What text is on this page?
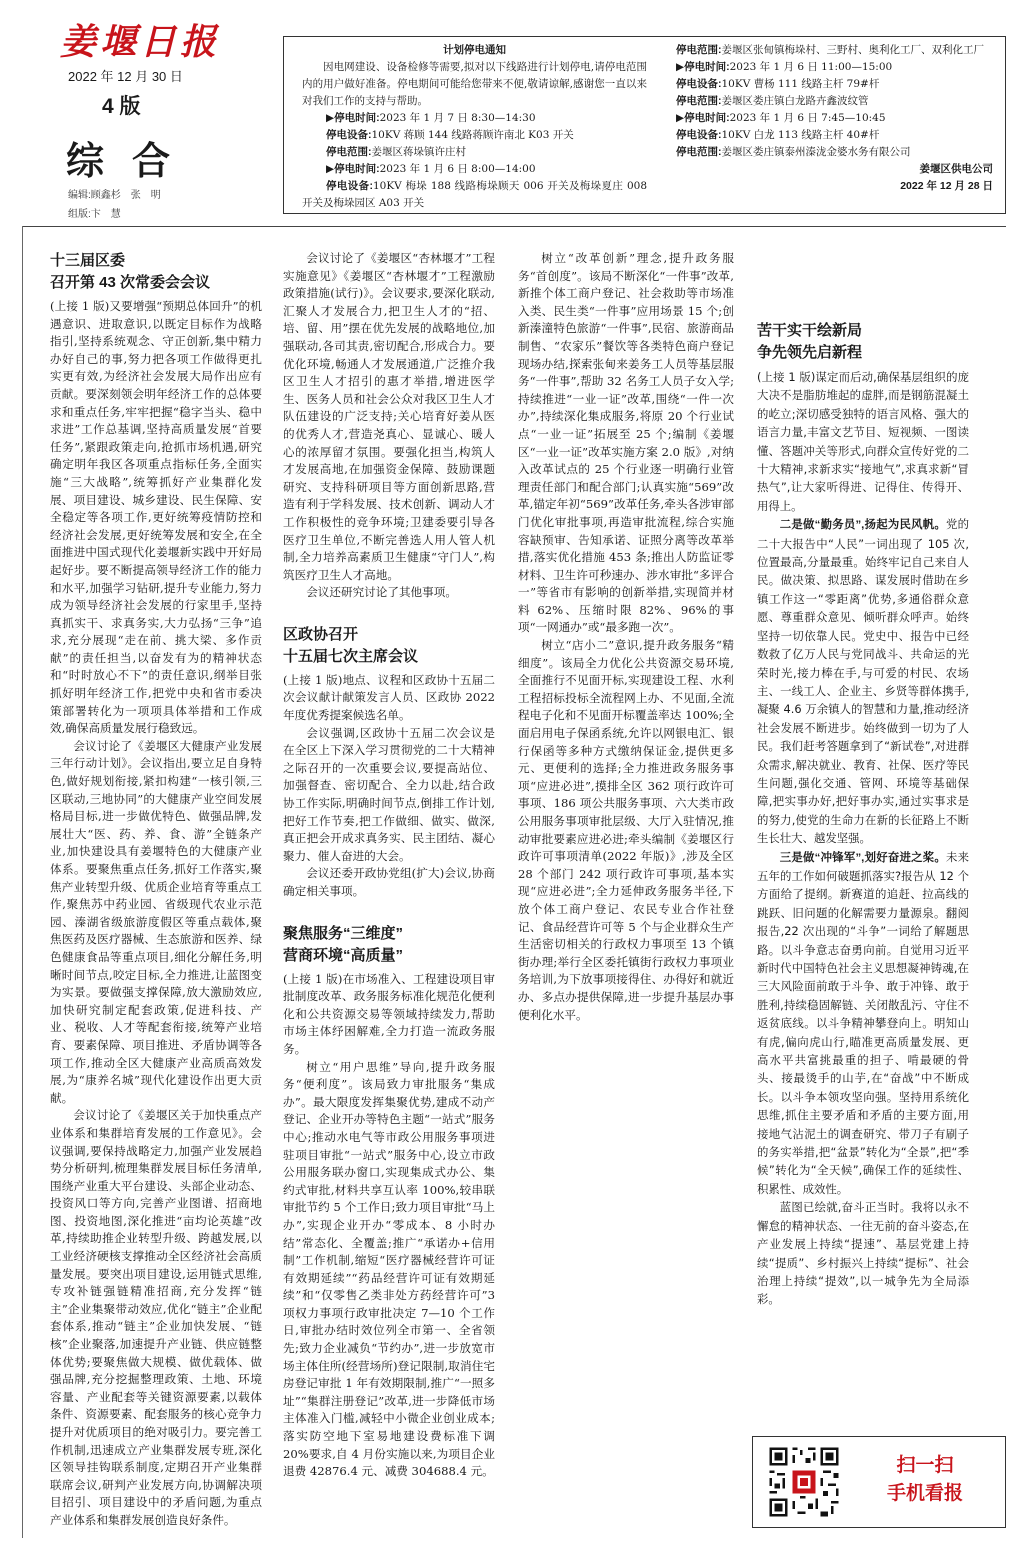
姜堰日报
2022 年 12 月 30 日
4 版
综合
编辑:顾鑫杉　张　明
组版:卞　慧
计划停电通知

因电网建设、设备检修等需要,拟对以下线路进行计划停电,请停电范围内的用户做好准备。停电期间可能给您带来不便,敬请谅解,感谢您一直以来对我们工作的支持与帮助。

▶停电时间:2023 年 1 月 7 日 8:30—14:30

停电设备:10KV 蒋顾 144 线路蒋顾许南北 K03 开关

停电范围:姜堰区蒋垛镇许庄村

▶停电时间:2023 年 1 月 6 日 8:00—14:00

停电设备:10KV 梅垛 188 线路梅垛顾天 006 开关及梅垛夏庄 008 开关及梅垛园区 A03 开关

停电范围:姜堰区张甸镇梅垛村、三野村、奥利化工厂、双利化工厂

▶停电时间:2023 年 1 月 6 日 11:00—15:00

停电设备:10KV 曹杨 111 线路主杆 79#杆

停电范围:姜堰区娄庄镇白龙路卉鑫波纹管

▶停电时间:2023 年 1 月 6 日 7:45—10:45

停电设备:10KV 白龙 113 线路主杆 40#杆

停电范围:姜堰区娄庄镇泰州溱泷金婆水务有限公司

姜堰区供电公司
2022 年 12 月 28 日
十三届区委
召开第 43 次常委会会议

(上接 1 版)又要增强“预期总体回升”的机遇意识、进取意识,以既定目标作为战略指引,坚持系统观念、守正创新,集中精力办好自己的事,努力把各项工作做得更扎实更有效,为经济社会发展大局作出应有贡献。要深刻领会明年经济工作的总体要求和重点任务,牢牢把握“稳字当头、稳中求进”工作总基调,坚持高质量发展“首要任务”,紧跟政策走向,抢抓市场机遇,研究确定明年我区各项重点指标任务,全面实施“三大战略”,统筹抓好产业集群化发展、项目建设、城乡建设、民生保障、安全稳定等各项工作,更好统筹疫情防控和经济社会发展,更好统筹发展和安全,在全面推进中国式现代化姜堰新实践中开好局起好步。要不断提高领导经济工作的能力和水平,加强学习钻研,提升专业能力,努力成为领导经济社会发展的行家里手,坚持真抓实干、求真务实,大力弘扬“三争”追求,充分展现“走在前、挑大梁、多作贡献”的责任担当,以奋发有为的精神状态和“时时放心不下”的责任意识,纲举目张抓好明年经济工作,把党中央和省市委决策部署转化为一项项具体举措和工作成效,确保高质量发展行稳致远。

会议讨论了《姜堰区大健康产业发展三年行动计划》。会议指出,要立足自身特色,做好规划衔接,紧扣构建“一核引领,三区联动,三地协同”的大健康产业空间发展格局目标,进一步做优特色、做强品牌,发展壮大“医、药、养、食、游”全链条产业,加快建设具有姜堰特色的大健康产业体系。要聚焦重点任务,抓好工作落实,聚焦产业转型升级、优质企业培育等重点工作,聚焦苏中药业园、省级现代农业示范园、溱湖省级旅游度假区等重点载体,聚焦医药及医疗器械、生态旅游和医养、绿色健康食品等重点项目,细化分解任务,明晰时间节点,咬定目标,全力推进,让蓝图变为实景。要做强支撑保障,放大激励效应,加快研究制定配套政策,促进科技、产业、税收、人才等配套衔接,统筹产业培育、要素保障、项目推进、矛盾协调等各项工作,推动全区大健康产业高质高效发展,为“康养名城”现代化建设作出更大贡献。

会议讨论了《姜堰区关于加快重点产业体系和集群培育发展的工作意见》。会议强调,要保持战略定力,加强产业发展趋势分析研判,梳理集群发展目标任务清单,围绕产业重大平台建设、头部企业动态、投资风口等方向,完善产业图谱、招商地图、投资地图,深化推进“亩均论英雄”改革,持续助推企业转型升级、跨越发展,以工业经济硬核支撑推动全区经济社会高质量发展。要突出项目建设,运用链式思维,专攻补链强链精准招商,充分发挥“链主”企业集聚带动效应,优化“链主”企业配套体系,推动“链主”企业加快发展、“链核”企业聚落,加速提升产业链、供应链整体优势;要聚焦做大规模、做优载体、做强品牌,充分挖掘整理政策、土地、环境容量、产业配套等关键资源要素,以载体条件、资源要素、配套服务的核心竞争力提升对优质项目的绝对吸引力。要完善工作机制,迅速成立产业集群发展专班,深化区领导挂钩联系制度,定期召开产业集群联席会议,研判产业发展方向,协调解决项目招引、项目建设中的矛盾问题,为重点产业体系和集群发展创造良好条件。

会议讨论了《姜堰区“杏林堰才”工程实施意见》《姜堰区“杏林堰才”工程激励政策措施(试行)》。会议要求,要深化联动,汇聚人才发展合力,把卫生人才的“招、培、留、用”摆在优先发展的战略地位,加强联动,各司其责,密切配合,形成合力。要优化环境,畅通人才发展通道,广泛推介我区卫生人才招引的惠才举措,增进医学生、医务人员和社会公众对我区卫生人才队伍建设的广泛支持;关心培育好姜从医的优秀人才,营造尧真心、显诚心、暖人心的浓厚留才氛围。要强化担当,构筑人才发展高地,在加强资金保障、鼓励课题研究、支持科研项目等方面创新思路,营造有利于学科发展、技术创新、调动人才工作积极性的竞争环境;卫建委要引导各医疗卫生单位,不断完善选人用人管人机制,全力培养高素质卫生健康“守门人”,构筑医疗卫生人才高地。

会议还研究讨论了其他事项。

区政协召开
十五届七次主席会议

(上接 1 版)地点、议程和区政协十五届二次会议献计献策发言人员、区政协 2022 年度优秀提案候选名单。

会议强调,区政协十五届二次会议是在全区上下深入学习贯彻党的二十大精神之际召开的一次重要会议,要提高站位、加强督查、密切配合、全力以赴,结合政协工作实际,明确时间节点,倒排工作计划,把好工作节奏,把工作做细、做实、做深,真正把会开成求真务实、民主团结、凝心聚力、催人奋进的大会。

会议还委开政协党组(扩大)会议,协商确定相关事项。

聚焦服务“三维度”
营商环境“高质量”

(上接 1 版)在市场准入、工程建设项目审批制度改革、政务服务标准化规范化便利化和公共资源交易等领域持续发力,帮助市场主体纾困解难,全力打造一流政务服务。

树立“用户思维”导向,提升政务服务“便利度”。该局致力审批服务“集成办”。最大限度发挥集聚优势,建成不动产登记、企业开办等特色主题“一站式”服务中心;推动水电气等市政公用服务事项进驻项目审批“一站式”服务中心,设立市政公用服务联办窗口,实现集成式办公、集约式审批,材料共享互认率 100%,较串联审批节约 5 个工作日;致力项目审批“马上办”,实现企业开办“零成本、8 小时办结”常态化、全覆盖;推广“承诺办+信用制”工作机制,缩短“医疗器械经营许可证有效期延续”“药品经营许可证有效期延续”和“仅零售乙类非处方药经营许可”3 项权力事项行政审批决定 7—10 个工作日,审批办结时效位列全市第一、全省领先;致力企业减负“节约办”,进一步放宽市场主体住所(经营场所)登记限制,取消住宅房登记审批 1 年有效期限制,推广“一照多址”“集群注册登记”改革,进一步降低市场主体准入门槛,减轻中小微企业创业成本;落实防空地下室易地建设费标准下调 20%要求,自 4 月份实施以来,为项目企业退费 42876.4 元、减费 304688.4 元。

树立“改革创新”理念,提升政务服务“首创度”。该局不断深化“一件事”改革,新推个体工商户登记、社会救助等市场准入类、民生类“一件事”应用场景 15 个;创新溱潼特色旅游“一件事”,民宿、旅游商品制售、“农家乐”餐饮等各类特色商户登记现场办结,探索张甸来姜务工人员等基层服务“一件事”,帮助 32 名务工人员子女入学;持续推进“一业一证”改革,围绕“一件一次办”,持续深化集成服务,将原 20 个行业试点“一业一证”拓展至 25 个;编制《姜堰区“一业一证”改革实施方案 2.0 版》,对纳入改革试点的 25 个行业逐一明确行业管理责任部门和配合部门;认真实施“569”改革,锚定年初“569”改革任务,牵头各涉审部门优化审批事项,再造审批流程,综合实施容缺预审、告知承诺、证照分离等改革举措,落实优化措施 453 条;推出人防监证零材料、卫生许可秒速办、涉水审批“多评合一”等省市有影响的创新举措,实现简并材料 62%、压缩时限 82%、96%的事项“一网通办”或“最多跑一次”。

树立“店小二”意识,提升政务服务“精细度”。该局全力优化公共资源交易环境,全面推行不见面开标,实现建设工程、水利工程招标投标全流程网上办、不见面,全流程电子化和不见面开标覆盖率达 100%;全面启用电子保函系统,允许以网银电汇、银行保函等多种方式缴纳保证金,提供更多元、更便利的选择;全力推进政务服务事项“应进必进”,摸排全区 362 项行政许可事项、186 项公共服务事项、六大类市政公用服务事项审批层级、大厅入驻情况,推动审批要素应进必进;牵头编制《姜堰区行政许可事项清单(2022 年版)》,涉及全区 28 个部门 242 项行政许可事项,基本实现“应进必进”;全力延伸政务服务半径,下放个体工商户登记、农民专业合作社登记、食品经营许可等 5 个与企业群众生产生活密切相关的行政权力事项至 13 个镇街办理;举行全区委托镇街行政权力事项业务培训,为下放事项接得住、办得好和就近办、多点办提供保障,进一步提升基层办事便利化水平。

苦干实干绘新局
争先领先启新程

(上接 1 版)谋定而后动,确保基层组织的庞大决不是脂肪堆起的虚胖,而是钢筋混凝土的屹立;深切感受独特的语言风格、强大的语言力量,丰富文艺节目、短视频、一图读懂、答题冲关等形式,向群众宣传好党的二十大精神,求新求实“接地气”,求真求新“冒热气”,让大家听得进、记得住、传得开、用得上。

二是做“勤务员”,扬起为民风帆。党的二十大报告中“人民”一词出现了 105 次,位置最高,分量最重。始终牢记自己来自人民。做决策、拟思路、谋发展时借助在乡镇工作这一“零距离”优势,多通俗群众意愿、尊重群众意见、倾听群众呼声。始终坚持一切依靠人民。党史中、报告中已经数救了亿万人民与党同战斗、共命运的光荣时光,接力棒在手,与可爱的村民、农场主、一线工人、企业主、乡贤等群体携手,凝聚 4.6 万余镇人的智慧和力量,推动经济社会发展不断进步。始终做到一切为了人民。我们赶考答题拿到了“新试卷”,对进群众需求,解决就业、教育、社保、医疗等民生问题,强化交通、管网、环境等基础保障,把实事办好,把好事办实,通过实事求是的努力,使党的生命力在新的长征路上不断生长壮大、越发坚强。

三是做“冲锋军”,划好奋进之桨。未来五年的工作如何破题抓落实?报告从 12 个方面给了提纲。新赛道的追赶、拉高线的跳跃、旧问题的化解需要力量源泉。翻阅报告,22 次出现的“斗争”一词给了解题思路。以斗争意志奋勇向前。自觉用习近平新时代中国特色社会主义思想凝神铸魂,在三大风险面前敢于斗争、敢于冲锋、敢于胜利,持续稳固解链、关闭散乱污、守住不返贫底线。以斗争精神攀登向上。明知山有虎,偏向虎山行,瞄准更高质量发展、更高水平共富挑最重的担子、啃最硬的骨头、接最烫手的山芋,在“奋战”中不断成长。以斗争本领攻坚向强。坚持用系统化思维,抓住主要矛盾和矛盾的主要方面,用接地气沾泥土的调查研究、带刀子有刷子的务实举措,把“盆景”转化为“全景”,把“季候”转化为“全天候”,确保工作的延续性、积累性、成效性。

蓝图已绘就,奋斗正当时。我将以永不懈怠的精神状态、一往无前的奋斗姿态,在产业发展上持续“提速”、基层党建上持续“提质”、乡村振兴上持续“提标”、社会治理上持续“提效”,以一城争先为全局添彩。

扫一扫
手机看报
